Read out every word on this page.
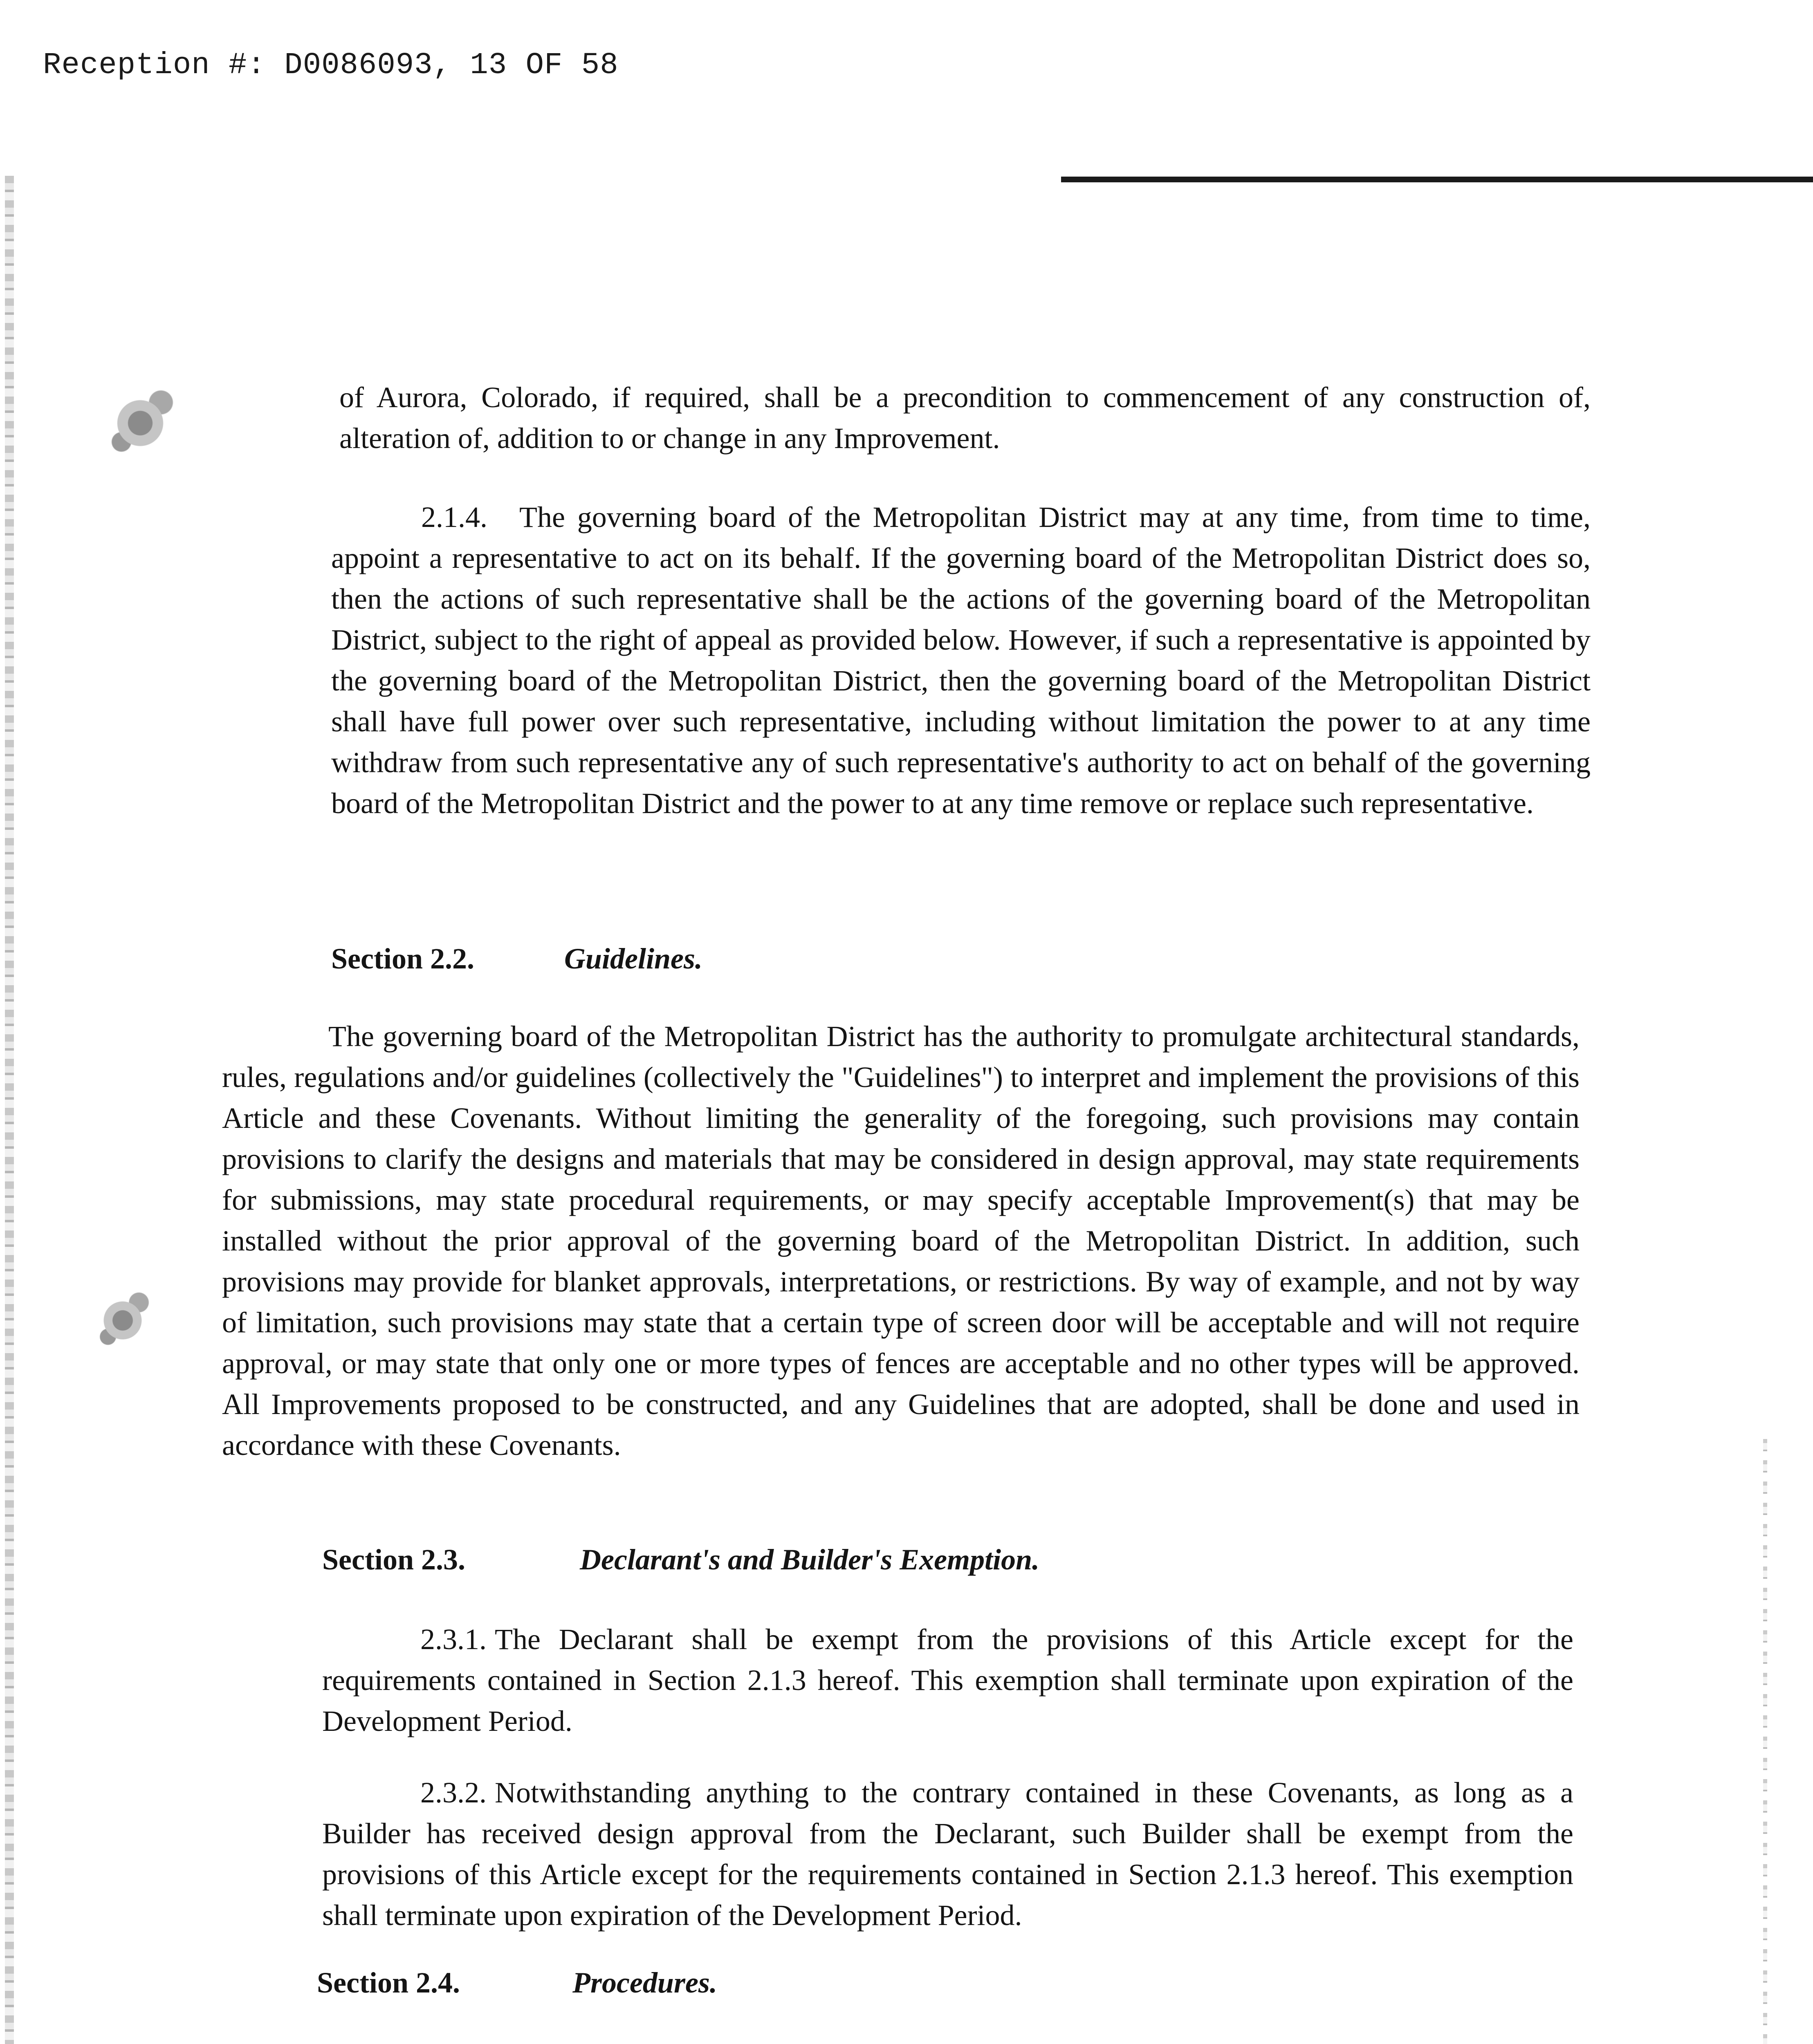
Reception #: D0086093, 13 OF 58

of Aurora, Colorado, if required, shall be a precondition to commencement of any construction of, alteration of, addition to or change in any Improvement.

2.1.4. The governing board of the Metropolitan District may at any time, from time to time, appoint a representative to act on its behalf. If the governing board of the Metropolitan District does so, then the actions of such representative shall be the actions of the governing board of the Metropolitan District, subject to the right of appeal as provided below. However, if such a representative is appointed by the governing board of the Metropolitan District, then the governing board of the Metropolitan District shall have full power over such representative, including without limitation the power to at any time withdraw from such representative any of such representative's authority to act on behalf of the governing board of the Metropolitan District and the power to at any time remove or replace such representative.

Section 2.2.	Guidelines.

The governing board of the Metropolitan District has the authority to promulgate architectural standards, rules, regulations and/or guidelines (collectively the "Guidelines") to interpret and implement the provisions of this Article and these Covenants. Without limiting the generality of the foregoing, such provisions may contain provisions to clarify the designs and materials that may be considered in design approval, may state requirements for submissions, may state procedural requirements, or may specify acceptable Improvement(s) that may be installed without the prior approval of the governing board of the Metropolitan District. In addition, such provisions may provide for blanket approvals, interpretations, or restrictions. By way of example, and not by way of limitation, such provisions may state that a certain type of screen door will be acceptable and will not require approval, or may state that only one or more types of fences are acceptable and no other types will be approved. All Improvements proposed to be constructed, and any Guidelines that are adopted, shall be done and used in accordance with these Covenants.

Section 2.3.	Declarant's and Builder's Exemption.

2.3.1. The Declarant shall be exempt from the provisions of this Article except for the requirements contained in Section 2.1.3 hereof. This exemption shall terminate upon expiration of the Development Period.

2.3.2. Notwithstanding anything to the contrary contained in these Covenants, as long as a Builder has received design approval from the Declarant, such Builder shall be exempt from the provisions of this Article except for the requirements contained in Section 2.1.3 hereof. This exemption shall terminate upon expiration of the Development Period.

Section 2.4.	Procedures.
